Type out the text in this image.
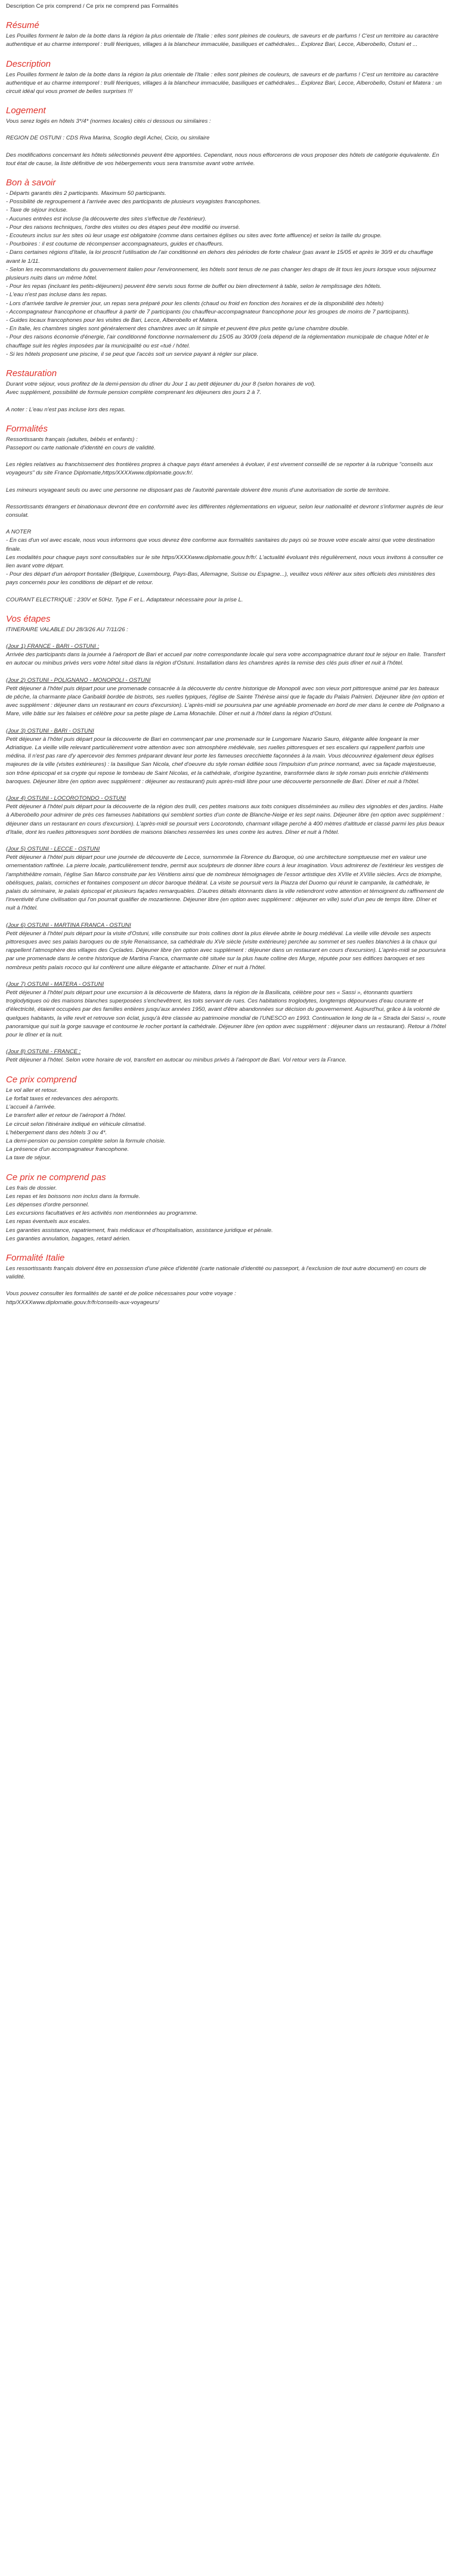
Description Ce prix comprend / Ce prix ne comprend pas Formalités

Résumé

Les Pouilles forment le talon de la botte dans la région la plus orientale de l'Italie : elles sont pleines de couleurs, de saveurs et de parfums ! C'est un territoire au caractère authentique et au charme intemporel : trulli féeriques, villages à la blancheur immaculée, basiliques et cathédrales... Explorez Bari, Lecce, Alberobello, Ostuni et ...

Description

Les Pouilles forment le talon de la botte dans la région la plus orientale de l'Italie : elles sont pleines de couleurs, de saveurs et de parfums ! C'est un territoire au caractère authentique et au charme intemporel : trulli féeriques, villages à la blancheur immaculée, basiliques et cathédrales... Explorez Bari, Lecce, Alberobello, Ostuni et Matera : un circuit idéal qui vous promet de belles surprises !!!

Logement

Vous serez logés en hôtels 3*/4* (normes locales) cités ci dessous ou similaires :

REGION DE OSTUNI : CDS Riva Marina, Scoglio degli Achei, Cicio, ou similaire

Des modifications concernant les hôtels sélectionnés peuvent être apportées. Cependant, nous nous efforcerons de vous proposer des hôtels de catégorie équivalente. En tout état de cause, la liste définitive de vos hébergements vous sera transmise avant votre arrivée.

Bon à savoir

- Départs garantis dès 2 participants. Maximum 50 participants.

- Possibilité de regroupement à l'arrivée avec des participants de plusieurs voyagistes francophones.

- Taxe de séjour incluse.

- Aucunes entrées est incluse (la découverte des sites s'effectue de l'extérieur).

- Pour des raisons techniques, l'ordre des visites ou des étapes peut être modifié ou inversé.

- Ecouteurs inclus sur les sites où leur usage est obligatoire (comme dans certaines églises ou sites avec forte affluence) et selon la taille du groupe.

- Pourboires : il est coutume de récompenser accompagnateurs, guides et chauffeurs.

- Dans certaines régions d'Italie, la loi proscrit l'utilisation de l'air conditionné en dehors des périodes de forte chaleur (pas avant le 15/05 et après le 30/9 et du chauffage avant le 1/11.

- Selon les recommandations du gouvernement italien pour l'environnement, les hôtels sont tenus de ne pas changer les draps de lit tous les jours lorsque vous séjournez plusieurs nuits dans un même hôtel.

- Pour les repas (incluant les petits-déjeuners) peuvent être servis sous forme de buffet ou bien directement à table, selon le remplissage des hôtels.

- L'eau n'est pas incluse dans les repas.

- Lors d'arrivée tardive le premier jour, un repas sera préparé pour les clients (chaud ou froid en fonction des horaires et de la disponibilité des hôtels)

- Accompagnateur francophone et chauffeur à partir de 7 participants (ou chauffeur-accompagnateur francophone pour les groupes de moins de 7 participants).

- Guides locaux francophones pour les visites de Bari, Lecce, Alberobello et Matera.

- En Italie, les chambres singles sont généralement des chambres avec un lit simple et peuvent être plus petite qu'une chambre double.

- Pour des raisons économie d'énergie, l'air conditionné fonctionne normalement du 15/05 au 30/09 (cela dépend de la réglementation municipale de chaque hôtel et le chauffage suit les règles imposées par la municipalité ou est «tué / hôtel.

- Si les hôtels proposent une piscine, il se peut que l'accès soit un service payant à régler sur place.

Restauration

Durant votre séjour, vous profitez de la demi-pension du dîner du Jour 1 au petit déjeuner du jour 8 (selon horaires de vol).

Avec supplément, possibilité de formule pension complète comprenant les déjeuners des jours 2 à 7.

A noter : L'eau n'est pas incluse lors des repas.

Formalités

Ressortissants français (adultes, bébés et enfants) :

Passeport ou carte nationale d'identité en cours de validité.

Les règles relatives au franchissement des frontières propres à chaque pays étant amenées à évoluer, il est vivement conseillé de se reporter à la rubrique "conseils aux voyageurs" du site France Diplomatie,https/XXXXwww.diplomatie.gouv.fr/.

Les mineurs voyageant seuls ou avec une personne ne disposant pas de l'autorité parentale doivent être munis d'une autorisation de sortie de territoire.

Ressortissants étrangers et binationaux devront être en conformité avec les différentes réglementations en vigueur, selon leur nationalité et devront s'informer auprès de leur consulat.

A NOTER

- En cas d'un vol avec escale, nous vous informons que vous devrez être conforme aux formalités sanitaires du pays où se trouve votre escale ainsi que votre destination finale.

Les modalités pour chaque pays sont consultables sur le site https/XXXXwww.diplomatie.gouv.fr/fr/. L'actualité évoluant très régulièrement, nous vous invitons à consulter ce lien avant votre départ.

- Pour des départ d'un aéroport frontalier (Belgique, Luxembourg, Pays-Bas, Allemagne, Suisse ou Espagne...), veuillez vous référer aux sites officiels des ministères des pays concernés pour les conditions de départ et de retour.

COURANT ELECTRIQUE : 230V et 50Hz. Type F et L. Adaptateur nécessaire pour la prise L.

Vos étapes

ITINERAIRE VALABLE DU 28/3/26 AU 7/11/26 :

(Jour 1) FRANCE - BARI - OSTUNI :

Arrivée des participants dans la journée à l'aéroport de Bari et accueil par notre correspondante locale qui sera votre accompagnatrice durant tout le séjour en Italie. Transfert en autocar ou minibus privés vers votre hôtel situé dans la région d'Ostuni. Installation dans les chambres après la remise des clés puis dîner et nuit à l'hôtel.

(Jour 2) OSTUNI - POLIGNANO - MONOPOLI - OSTUNI

Petit déjeuner à l'hôtel puis départ pour une promenade consacrée à la découverte du centre historique de Monopoli avec son vieux port pittoresque animé par les bateaux de pêche, la charmante place Garibaldi bordée de bistrots, ses ruelles typiques, l'église de Sainte Thérèse ainsi que le façade du Palais Palmieri. Déjeuner libre (en option et avec supplément : déjeuner dans un restaurant en cours d'excursion). L'après-midi se poursuivra par une agréable promenade en bord de mer dans le centre de Polignano a Mare, ville bâtie sur les falaises et célèbre pour sa petite plage de Lama Monachile. Dîner et nuit à l'hôtel dans la région d'Ostuni.

(Jour 3) OSTUNI - BARI - OSTUNI

Petit déjeuner à l'hôtel puis départ pour la découverte de Bari en commençant par une promenade sur le Lungomare Nazario Sauro, élégante allée longeant la mer Adriatique. La vieille ville relevant particulièrement votre attention avec son atmosphère médiévale, ses ruelles pittoresques et ses escaliers qui rappellent parfois une médina. Il n'est pas rare d'y apercevoir des femmes préparant devant leur porte les fameuses orecchiette façonnées à la main. Vous découvrirez également deux églises majeures de la ville (visites extérieures) : la basilique San Nicola, chef d'oeuvre du style roman édifiée sous l'impulsion d'un prince normand, avec sa façade majestueuse, son trône épiscopal et sa crypte qui repose le tombeau de Saint Nicolas, et la cathédrale, d'origine byzantine, transformée dans le style roman puis enrichie d'éléments baroques. Déjeuner libre (en option avec supplément : déjeuner au restaurant) puis après-midi libre pour une découverte personnelle de Bari. Dîner et nuit à l'hôtel.

(Jour 4) OSTUNI - LOCOROTONDO - OSTUNI

Petit déjeuner à l'hôtel puis départ pour la découverte de la région des trulli, ces petites maisons aux toits coniques disséminées au milieu des vignobles et des jardins. Halte à Alberobello pour admirer de près ces fameuses habitations qui semblent sorties d'un conte de Blanche-Neige et les sept nains. Déjeuner libre (en option avec supplément : déjeuner dans un restaurant en cours d'excursion). L'après-midi se poursuit vers Locorotondo, charmant village perché à 400 mètres d'altitude et classé parmi les plus beaux d'Italie, dont les ruelles pittoresques sont bordées de maisons blanches resserrées les unes contre les autres. Dîner et nuit à l'hôtel.

(Jour 5) OSTUNI - LECCE - OSTUNI

Petit déjeuner à l'hôtel puis départ pour une journée de découverte de Lecce, surnommée la Florence du Baroque, où une architecture somptueuse met en valeur une ornementation raffinée. La pierre locale, particulièrement tendre, permit aux sculpteurs de donner libre cours à leur imagination. Vous admirerez de l'extérieur les vestiges de l'amphithéâtre romain, l'église San Marco construite par les Vénitiens ainsi que de nombreux témoignages de l'essor artistique des XVIIe et XVIIIe siècles. Arcs de triomphe, obélisques, palais, corniches et fontaines composent un décor baroque théâtral. La visite se poursuit vers la Piazza del Duomo qui réunit le campanile, la cathédrale, le palais du séminaire, le palais épiscopal et plusieurs façades remarquables. D'autres détails étonnants dans la ville retiendront votre attention et témoignent du raffinement de l'inventivité d'une civilisation qui l'on pourrait qualifier de mozartienne. Déjeuner libre (en option avec supplément : déjeuner en ville) suivi d'un peu de temps libre. Dîner et nuit à l'hôtel.

(Jour 6) OSTUNI - MARTINA FRANCA - OSTUNI

Petit déjeuner à l'hôtel puis départ pour la visite d'Ostuni, ville construite sur trois collines dont la plus élevée abrite le bourg médiéval. La vieille ville dévoile ses aspects pittoresques avec ses palais baroques ou de style Renaissance, sa cathédrale du XVe siècle (visite extérieure) perchée au sommet et ses ruelles blanchies à la chaux qui rappellent l'atmosphère des villages des Cyclades. Déjeuner libre (en option avec supplément : déjeuner dans un restaurant en cours d'excursion). L'après-midi se poursuivra par une promenade dans le centre historique de Martina Franca, charmante cité située sur la plus haute colline des Murge, réputée pour ses édifices baroques et ses nombreux petits palais rococo qui lui confèrent une allure élégante et attachante. Dîner et nuit à l'hôtel.

(Jour 7) OSTUNI - MATERA - OSTUNI

Petit déjeuner à l'hôtel puis départ pour une excursion à la découverte de Matera, dans la région de la Basilicata, célèbre pour ses « Sassi », étonnants quartiers troglodytiques où des maisons blanches superposées s'enchevêtrent, les toits servant de rues. Ces habitations troglodytes, longtemps dépourvues d'eau courante et d'électricité, étaient occupées par des familles entières jusqu'aux années 1950, avant d'être abandonnées sur décision du gouvernement. Aujourd'hui, grâce à la volonté de quelques habitants, la ville revit et retrouve son éclat, jusqu'à être classée au patrimoine mondial de l'UNESCO en 1993. Continuation le long de la « Strada dei Sassi », route panoramique qui suit la gorge sauvage et contourne le rocher portant la cathédrale. Déjeuner libre (en option avec supplément : déjeuner dans un restaurant). Retour à l'hôtel pour le dîner et la nuit.

(Jour 8) OSTUNI - FRANCE :

Petit déjeuner à l'hôtel. Selon votre horaire de vol, transfert en autocar ou minibus privés à l'aéroport de Bari. Vol retour vers la France.

Ce prix comprend

Le vol aller et retour.

Le forfait taxes et redevances des aéroports.

L'accueil à l'arrivée.

Le transfert aller et retour de l'aéroport à l'hôtel.

Le circuit selon l'itinéraire indiqué en véhicule climatisé.

L'hébergement dans des hôtels 3 ou 4*.

La demi-pension ou pension complète selon la formule choisie.

La présence d'un accompagnateur francophone.

La taxe de séjour.

Ce prix ne comprend pas

Les frais de dossier.

Les repas et les boissons non inclus dans la formule.

Les dépenses d'ordre personnel.

Les excursions facultatives et les activités non mentionnées au programme.

Les repas éventuels aux escales.

Les garanties assistance, rapatriement, frais médicaux et d'hospitalisation, assistance juridique et pénale.

Les garanties annulation, bagages, retard aérien.

Formalité Italie

Les ressortissants français doivent être en possession d'une pièce d'identité (carte nationale d'identité ou passeport, à l'exclusion de tout autre document) en cours de validité.

Vous pouvez consulter les formalités de santé et de police nécessaires pour votre voyage :

http/XXXXwww.diplomatie.gouv.fr/fr/conseils-aux-voyageurs/
